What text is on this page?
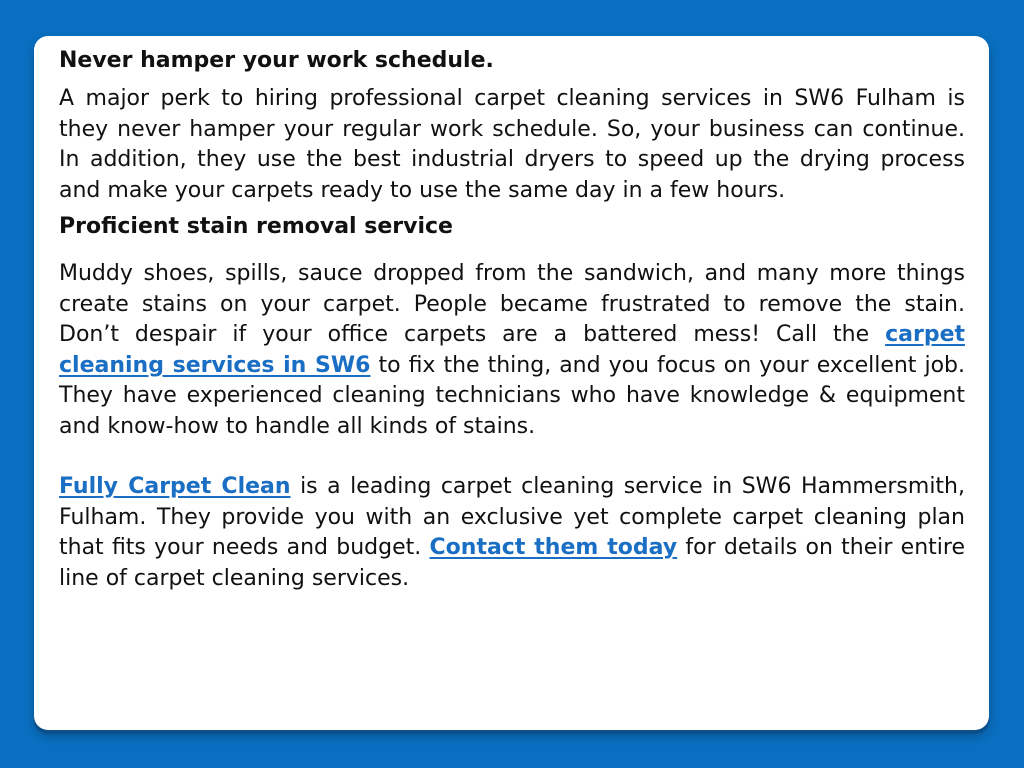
Never hamper your work schedule.

A major perk to hiring professional carpet cleaning services in SW6 Fulham is they never hamper your regular work schedule. So, your business can continue. In addition, they use the best industrial dryers to speed up the drying process and make your carpets ready to use the same day in a few hours.

Proficient stain removal service

Muddy shoes, spills, sauce dropped from the sandwich, and many more things create stains on your carpet. People became frustrated to remove the stain. Don’t despair if your office carpets are a battered mess! Call the carpet cleaning services in SW6 to fix the thing, and you focus on your excellent job. They have experienced cleaning technicians who have knowledge & equipment and know-how to handle all kinds of stains.

Fully Carpet Clean is a leading carpet cleaning service in SW6 Hammersmith, Fulham. They provide you with an exclusive yet complete carpet cleaning plan that fits your needs and budget. Contact them today for details on their entire line of carpet cleaning services.
